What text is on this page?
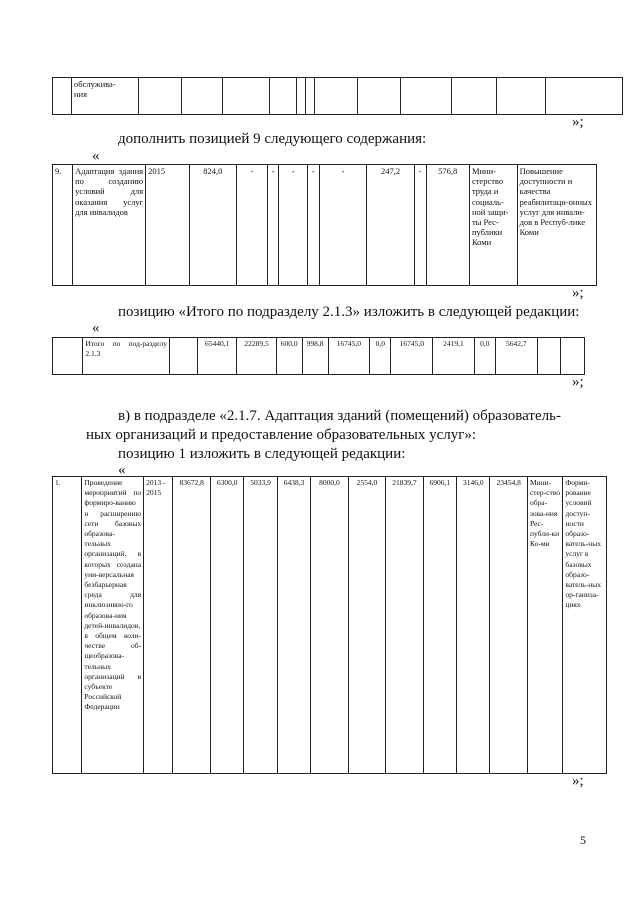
	обслужива-
ния												
»;
дополнить позицией 9 следующего содержания:
«
9.	Адаптация здания по созданию условий для оказания услуг для инвалидов	2015	824,0	-	-	-	-	-	247,2	-	576,8	Мини-стерство труда и социаль-ной защи-ты Рес-публики Коми	Повышение доступности и качества реабилитаци-онных услуг для инвали-дов в Респуб-лике Коми
»;
позицию «Итого по подразделу 2.1.3» изложить в следующей редакции:
«
	Итого по под-разделу 2.1.3		65440,1	22289,5	600,0	998,8	16745,0	0,0	16745,0	2419,1	0,0	5642,7		
»;
в) в подразделе «2.1.7. Адаптация зданий (помещений) образователь-
ных организаций и предоставление образовательных услуг»:
позицию 1 изложить в следующей редакции:
«
1.	Проведение мероприятий по формиро-ванию и расширению сети базовых образова-тельных организаций, в которых создана уни-версальная безбарьерная среда для инклюзивно-го образова-ния детей-инвалидов, в общем коли-честве об-щеобразова-тельных организаций в субъекте Российской Федерации	2013 - 2015	83672,8	6300,0	5033,9	6438,3	8000,0	2554,0	21839,7	6906,1	3146,0	23454,8	Мини-стер-ство обра-зова-ния Рес-публи-ки Ко-ми	Форми-рование условий доступ-ности образо-ватель-ных услуг в базовых образо-ватель-ных ор-ганиза-циях
»;
5
